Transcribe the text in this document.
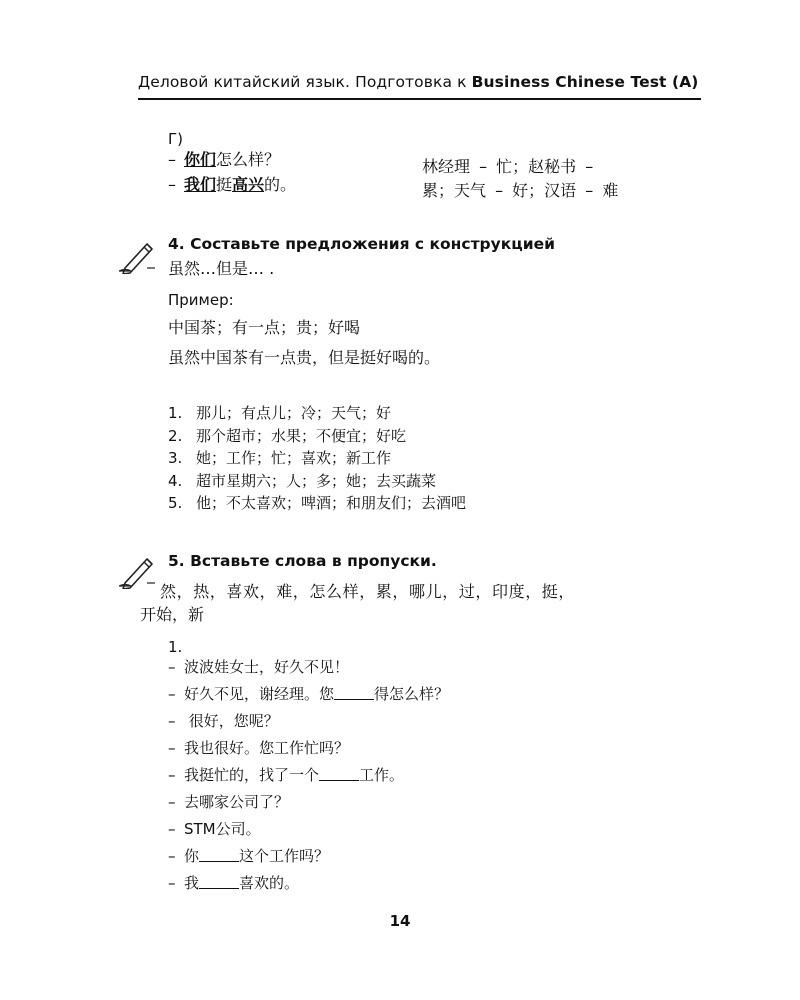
Деловой китайский язык. Подготовка к Business Chinese Test (A)

Г)

– 你们怎么样？

– 我们挺高兴的。

林经理 – 忙；赵秘书 –

累；天气 – 好；汉语 – 难

4. Составьте предложения с конструкцией

虽然…但是… .

Пример:

中国茶；有一点；贵；好喝

虽然中国茶有一点贵，但是挺好喝的。

1. 那儿；有点儿；冷；天气；好
2. 那个超市；水果；不便宜；好吃
3. 她；工作；忙；喜欢；新工作
4. 超市星期六；人；多；她；去买蔬菜
5. 他；不太喜欢；啤酒；和朋友们；去酒吧

5. Вставьте слова в пропуски.

然，热，喜欢，难，怎么样，累，哪儿，过，印度，挺，

开始，新

1.

– 波波娃女士，好久不见！
– 好久不见，谢经理。您	得怎么样？
– 很好，您呢？
– 我也很好。您工作忙吗？
– 我挺忙的，找了一个	工作。
– 去哪家公司了？
– STM公司。
– 你	这个工作吗？
– 我	喜欢的。

14
